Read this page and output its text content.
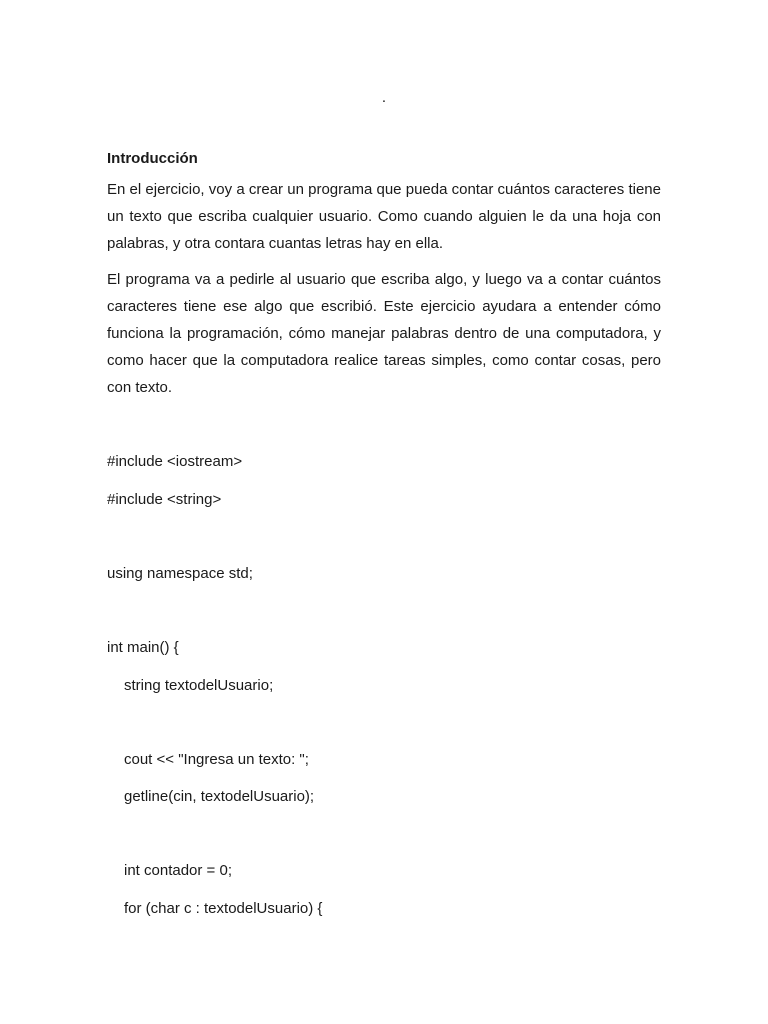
.

Introducción

En el ejercicio, voy a crear un programa que pueda contar cuántos caracteres tiene un texto que escriba cualquier usuario. Como cuando alguien le da una hoja con palabras, y otra contara cuantas letras hay en ella.

El programa va a pedirle al usuario que escriba algo, y luego va a contar cuántos caracteres tiene ese algo que escribió. Este ejercicio ayudara a entender cómo funciona la programación, cómo manejar palabras dentro de una computadora, y como hacer que la computadora realice tareas simples, como contar cosas, pero con texto.

#include <iostream>
#include <string>
using namespace std;
int main() {
string textodelUsuario;
cout << "Ingresa un texto: ";
getline(cin, textodelUsuario);
int contador = 0;
for (char c : textodelUsuario) {
